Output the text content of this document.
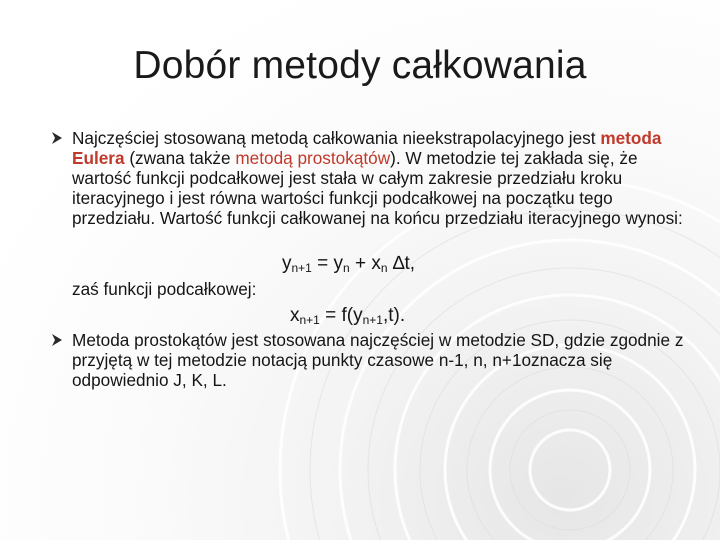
Dobór metody całkowania
Najczęściej stosowaną metodą całkowania nieekstrapolacyjnego jest metoda Eulera (zwana także metodą prostokątów). W metodzie tej zakłada się, że wartość funkcji podcałkowej jest stała w całym zakresie przedziału kroku iteracyjnego i jest równa wartości funkcji podcałkowej na początku tego przedziału. Wartość funkcji całkowanej na końcu przedziału iteracyjnego wynosi:
$y_{n+1} = y_n + x_n$ ∆t,
zaś funkcji podcałkowej:
$x_{n+1} = f(y_{n+1},t)$.
Metoda prostokątów jest stosowana najczęściej w metodzie SD, gdzie zgodnie z przyjętą w tej metodzie notacją punkty czasowe n-1, n, n+1oznacza się odpowiednio J, K, L.
